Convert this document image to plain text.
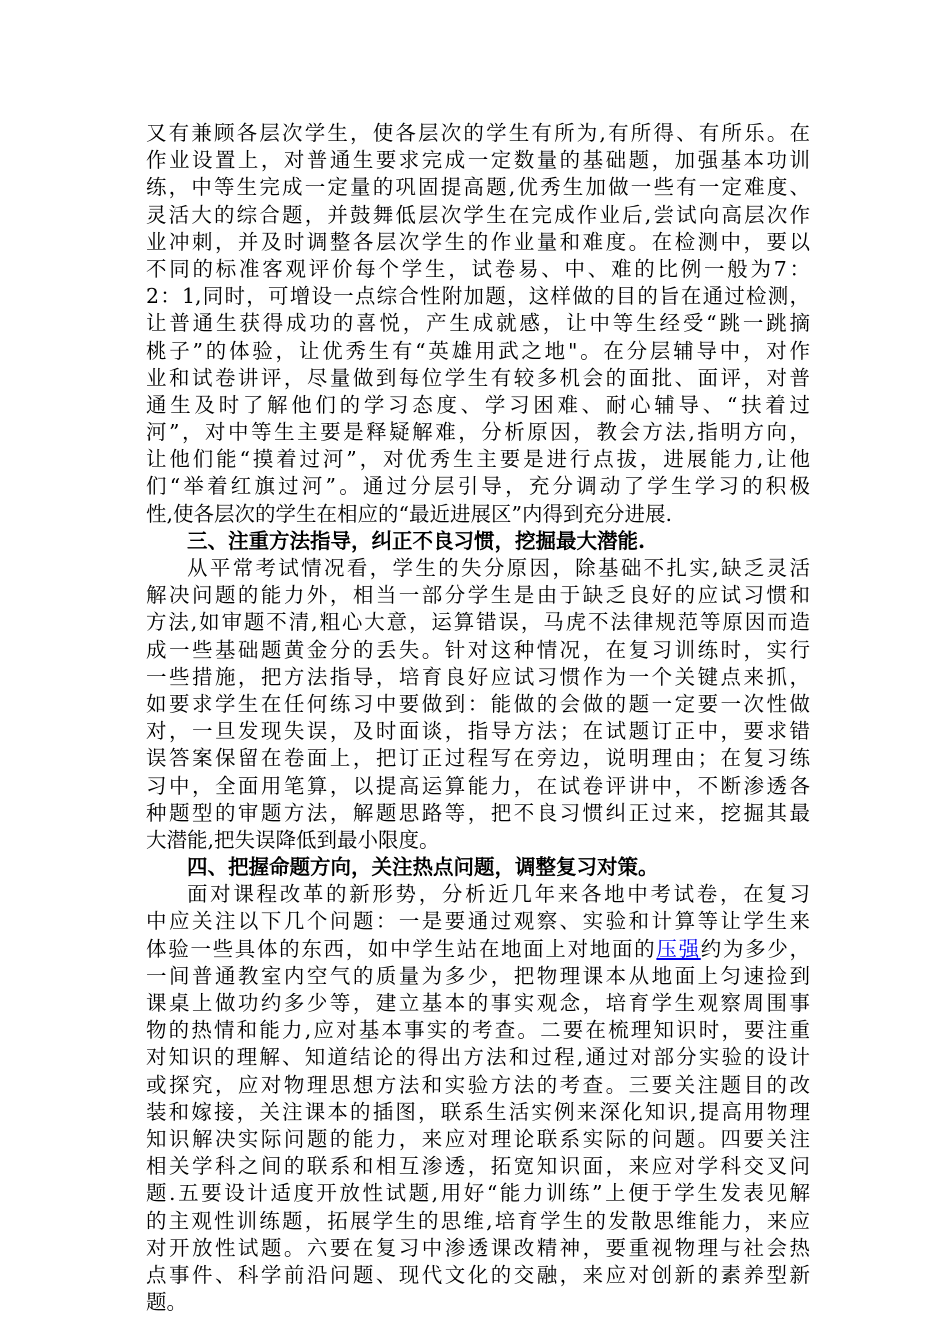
又有兼顾各层次学生，使各层次的学生有所为,有所得、有所乐。在
作业设置上，对普通生要求完成一定数量的基础题，加强基本功训
练，中等生完成一定量的巩固提高题,优秀生加做一些有一定难度、
灵活大的综合题，并鼓舞低层次学生在完成作业后,尝试向高层次作
业冲刺，并及时调整各层次学生的作业量和难度。在检测中，要以
不同的标准客观评价每个学生，试卷易、中、难的比例一般为7：
2：1,同时，可增设一点综合性附加题，这样做的目的旨在通过检测，
让普通生获得成功的喜悦，产生成就感，让中等生经受“跳一跳摘
桃子”的体验，让优秀生有“英雄用武之地"。在分层辅导中，对作
业和试卷讲评，尽量做到每位学生有较多机会的面批、面评，对普
通生及时了解他们的学习态度、学习困难、耐心辅导、“扶着过
河”，对中等生主要是释疑解难，分析原因，教会方法,指明方向，
让他们能“摸着过河”，对优秀生主要是进行点拔，进展能力,让他
们“举着红旗过河”。通过分层引导，充分调动了学生学习的积极
性,使各层次的学生在相应的“最近进展区”内得到充分进展.
三、注重方法指导，纠正不良习惯，挖掘最大潜能.
从平常考试情况看，学生的失分原因，除基础不扎实,缺乏灵活
解决问题的能力外，相当一部分学生是由于缺乏良好的应试习惯和
方法,如审题不清,粗心大意，运算错误，马虎不法律规范等原因而造
成一些基础题黄金分的丢失。针对这种情况，在复习训练时，实行
一些措施，把方法指导，培育良好应试习惯作为一个关键点来抓，
如要求学生在任何练习中要做到：能做的会做的题一定要一次性做
对，一旦发现失误，及时面谈，指导方法；在试题订正中，要求错
误答案保留在卷面上，把订正过程写在旁边，说明理由；在复习练
习中，全面用笔算，以提高运算能力，在试卷评讲中，不断渗透各
种题型的审题方法，解题思路等，把不良习惯纠正过来，挖掘其最
大潜能,把失误降低到最小限度。
四、把握命题方向，关注热点问题，调整复习对策。
面对课程改革的新形势，分析近几年来各地中考试卷，在复习
中应关注以下几个问题：一是要通过观察、实验和计算等让学生来
体验一些具体的东西，如中学生站在地面上对地面的压强约为多少，
一间普通教室内空气的质量为多少，把物理课本从地面上匀速捡到
课桌上做功约多少等，建立基本的事实观念，培育学生观察周围事
物的热情和能力,应对基本事实的考查。二要在梳理知识时，要注重
对知识的理解、知道结论的得出方法和过程,通过对部分实验的设计
或探究，应对物理思想方法和实验方法的考查。三要关注题目的改
装和嫁接，关注课本的插图，联系生活实例来深化知识,提高用物理
知识解决实际问题的能力，来应对理论联系实际的问题。四要关注
相关学科之间的联系和相互渗透，拓宽知识面，来应对学科交叉问
题.五要设计适度开放性试题,用好“能力训练”上便于学生发表见解
的主观性训练题，拓展学生的思维,培育学生的发散思维能力，来应
对开放性试题。六要在复习中渗透课改精神，要重视物理与社会热
点事件、科学前沿问题、现代文化的交融，来应对创新的素养型新
题。
